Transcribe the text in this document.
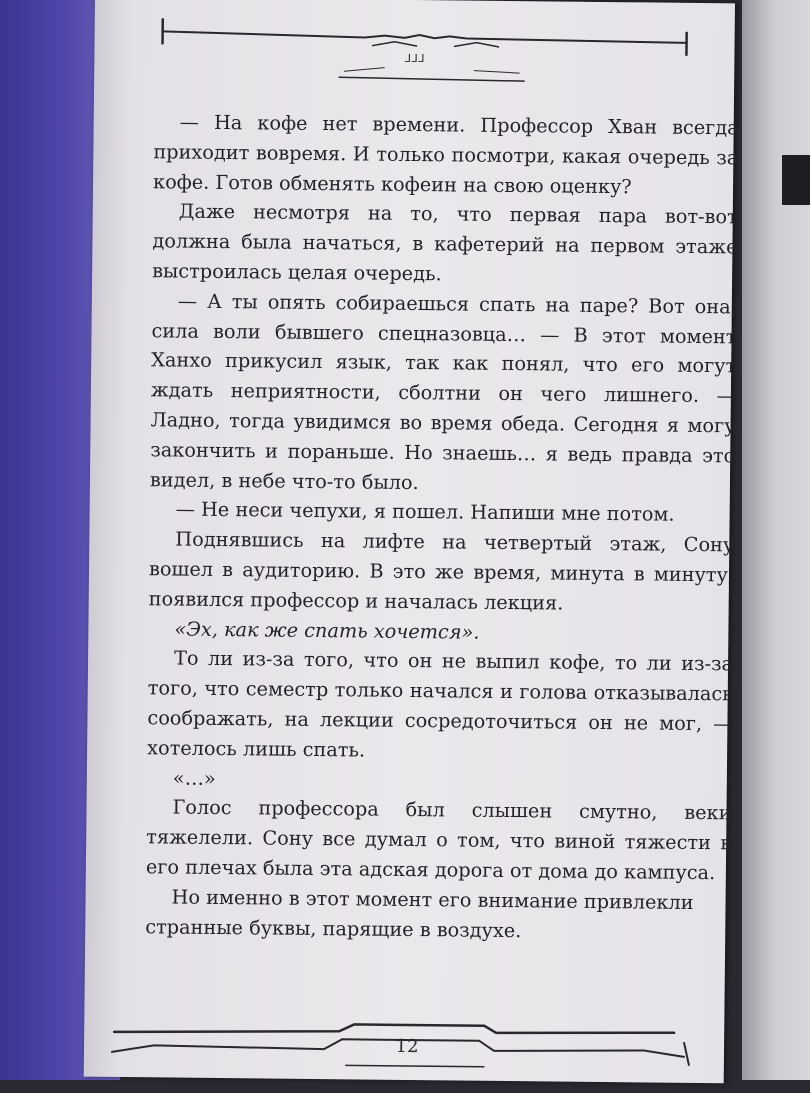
ᒧᒧᒧ

— На кофе нет времени. Профессор Хван всегда приходит вовремя. И только посмотри, какая очередь за кофе. Готов обменять кофеин на свою оценку?

Даже несмотря на то, что первая пара вот-вот должна была начаться, в кафетерий на первом этаже выстроилась целая очередь.

— А ты опять собираешься спать на паре? Вот она, сила воли бывшего спецназовца… — В этот момент Ханхо прикусил язык, так как понял, что его могут ждать неприятности, сболтни он чего лишнего. — Ладно, тогда увидимся во время обеда. Сегодня я могу закончить и пораньше. Но знаешь… я ведь правда это видел, в небе что-то было.

— Не неси чепухи, я пошел. Напиши мне потом.

Поднявшись на лифте на четвертый этаж, Сону вошел в аудиторию. В это же время, минута в минуту, появился профессор и началась лекция.

«Эх, как же спать хочется».

То ли из-за того, что он не выпил кофе, то ли из-за того, что семестр только начался и голова отказывалась соображать, на лекции сосредоточиться он не мог, — хотелось лишь спать.

«…»

Голос профессора был слышен смутно, веки тяжелели. Сону все думал о том, что виной тяжести в его плечах была эта адская дорога от дома до кампуса.

Но именно в этот момент его внимание привлекли странные буквы, парящие в воздухе.

12
